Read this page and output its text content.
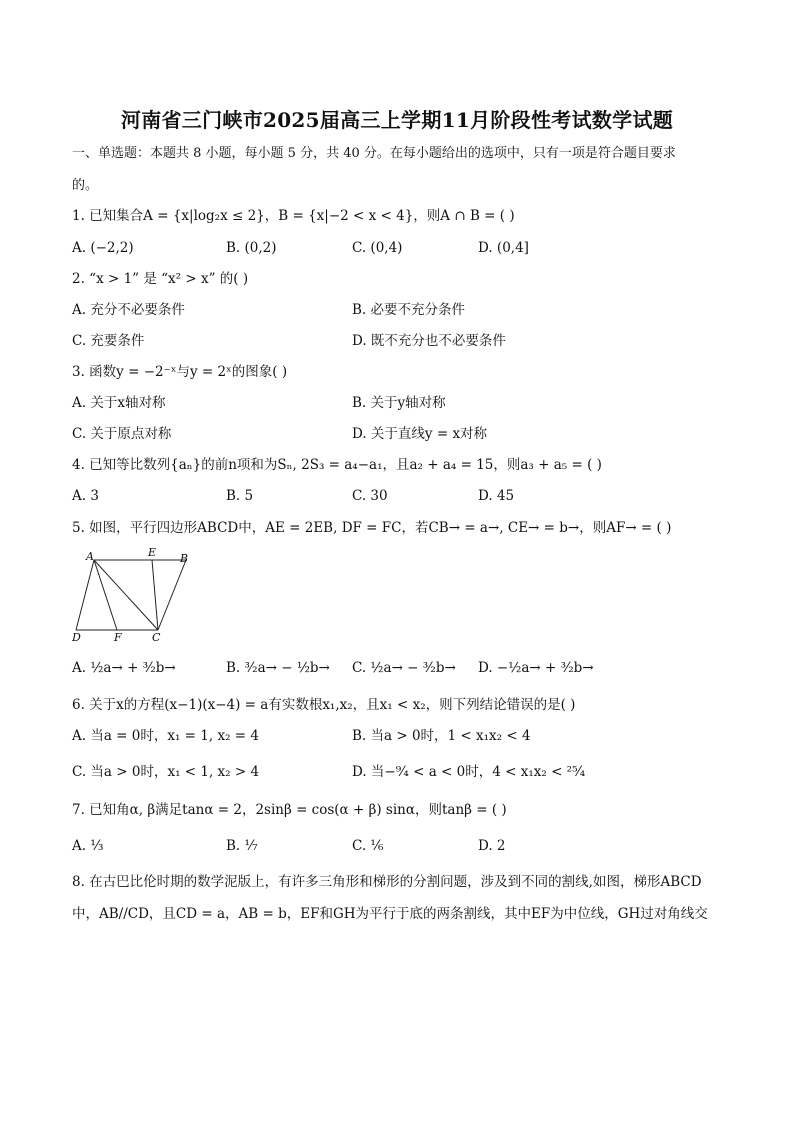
河南省三门峡市2025届高三上学期11月阶段性考试数学试题
一、单选题：本题共 8 小题，每小题 5 分，共 40 分。在每小题给出的选项中，只有一项是符合题目要求
的。
1. 已知集合A = {x|log₂x ≤ 2}，B = {x|−2 < x < 4}，则A ∩ B = ( )
A. (−2,2)	B. (0,2)	C. (0,4)	D. (0,4]
2. “x > 1” 是 “x² > x” 的( )
A. 充分不必要条件	B. 必要不充分条件
C. 充要条件	D. 既不充分也不必要条件
3. 函数y = −2⁻ˣ与y = 2ˣ的图象( )
A. 关于x轴对称	B. 关于y轴对称
C. 关于原点对称	D. 关于直线y = x对称
4. 已知等比数列{aₙ}的前n项和为Sₙ, 2S₃ = a₄−a₁，且a₂ + a₄ = 15，则a₃ + a₅ = ( )
A. 3	B. 5	C. 30	D. 45
5. 如图，平行四边形ABCD中，AE = 2EB, DF = FC，若CB→ = a→, CE→ = b→，则AF→ = ( )
A	E B
D	F	C
A. ½a→ + ³⁄₂b→	B. ³⁄₂a→ − ½b→ C. ½a→ − ³⁄₂b→ D. −½a→ + ³⁄₂b→
6. 关于x的方程(x−1)(x−4) = a有实数根x₁,x₂，且x₁ < x₂，则下列结论错误的是( )
A. 当a = 0时，x₁ = 1, x₂ = 4	B. 当a > 0时，1 < x₁x₂ < 4
C. 当a > 0时，x₁ < 1, x₂ > 4	D. 当−⁹⁄₄ < a < 0时，4 < x₁x₂ < ²⁵⁄₄
7. 已知角α, β满足tanα = 2，2sinβ = cos(α + β) sinα，则tanβ = ( )
A. ⅓	B. ⅐	C. ⅙	D. 2
8. 在古巴比伦时期的数学泥版上，有许多三角形和梯形的分割问题，涉及到不同的割线,如图，梯形ABCD
中，AB//CD，且CD = a，AB = b，EF和GH为平行于底的两条割线，其中EF为中位线，GH过对角线交
